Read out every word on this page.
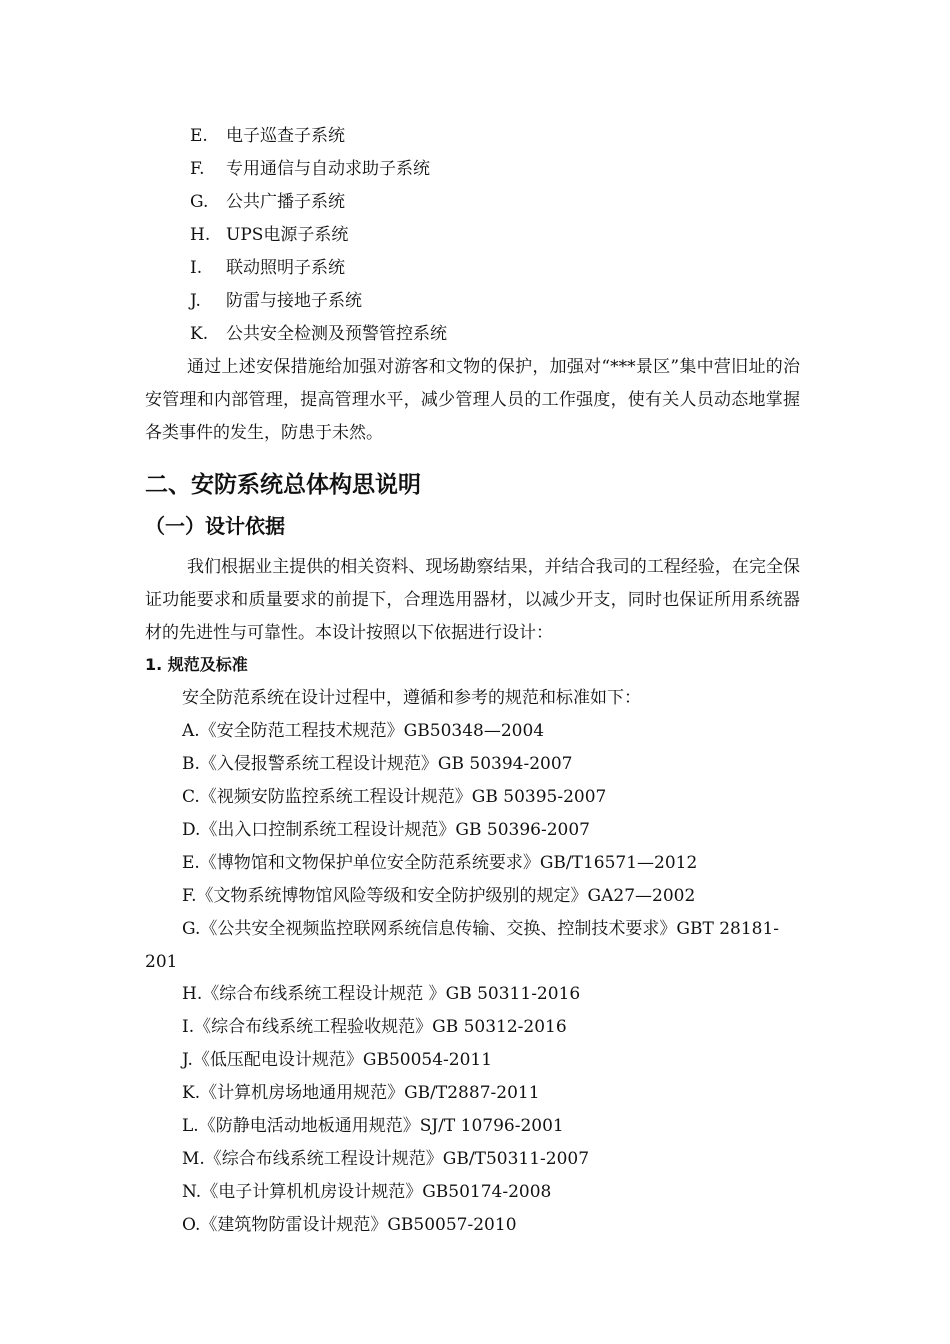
E. 电子巡查子系统
F. 专用通信与自动求助子系统
G. 公共广播子系统
H. UPS电源子系统
I. 联动照明子系统
J. 防雷与接地子系统
K. 公共安全检测及预警管控系统

通过上述安保措施给加强对游客和文物的保护，加强对“***景区”集中营旧址的治安管理和内部管理，提高管理水平，减少管理人员的工作强度，使有关人员动态地掌握各类事件的发生，防患于未然。

二、安防系统总体构思说明
（一）设计依据

我们根据业主提供的相关资料、现场勘察结果，并结合我司的工程经验，在完全保证功能要求和质量要求的前提下，合理选用器材，以减少开支，同时也保证所用系统器材的先进性与可靠性。本设计按照以下依据进行设计：

1. 规范及标准
安全防范系统在设计过程中，遵循和参考的规范和标准如下：
A.《安全防范工程技术规范》GB50348—2004
B.《入侵报警系统工程设计规范》GB 50394-2007
C.《视频安防监控系统工程设计规范》GB 50395-2007
D.《出入口控制系统工程设计规范》GB 50396-2007
E.《博物馆和文物保护单位安全防范系统要求》GB/T16571—2012
F.《文物系统博物馆风险等级和安全防护级别的规定》GA27—2002

G.《公共安全视频监控联网系统信息传输、交换、控制技术要求》GBT 28181-201

H.《综合布线系统工程设计规范 》GB 50311-2016
I.《综合布线系统工程验收规范》GB 50312-2016
J.《低压配电设计规范》GB50054-2011
K.《计算机房场地通用规范》GB/T2887-2011
L.《防静电活动地板通用规范》SJ/T 10796-2001
M.《综合布线系统工程设计规范》GB/T50311-2007
N.《电子计算机机房设计规范》GB50174-2008
O.《建筑物防雷设计规范》GB50057-2010
